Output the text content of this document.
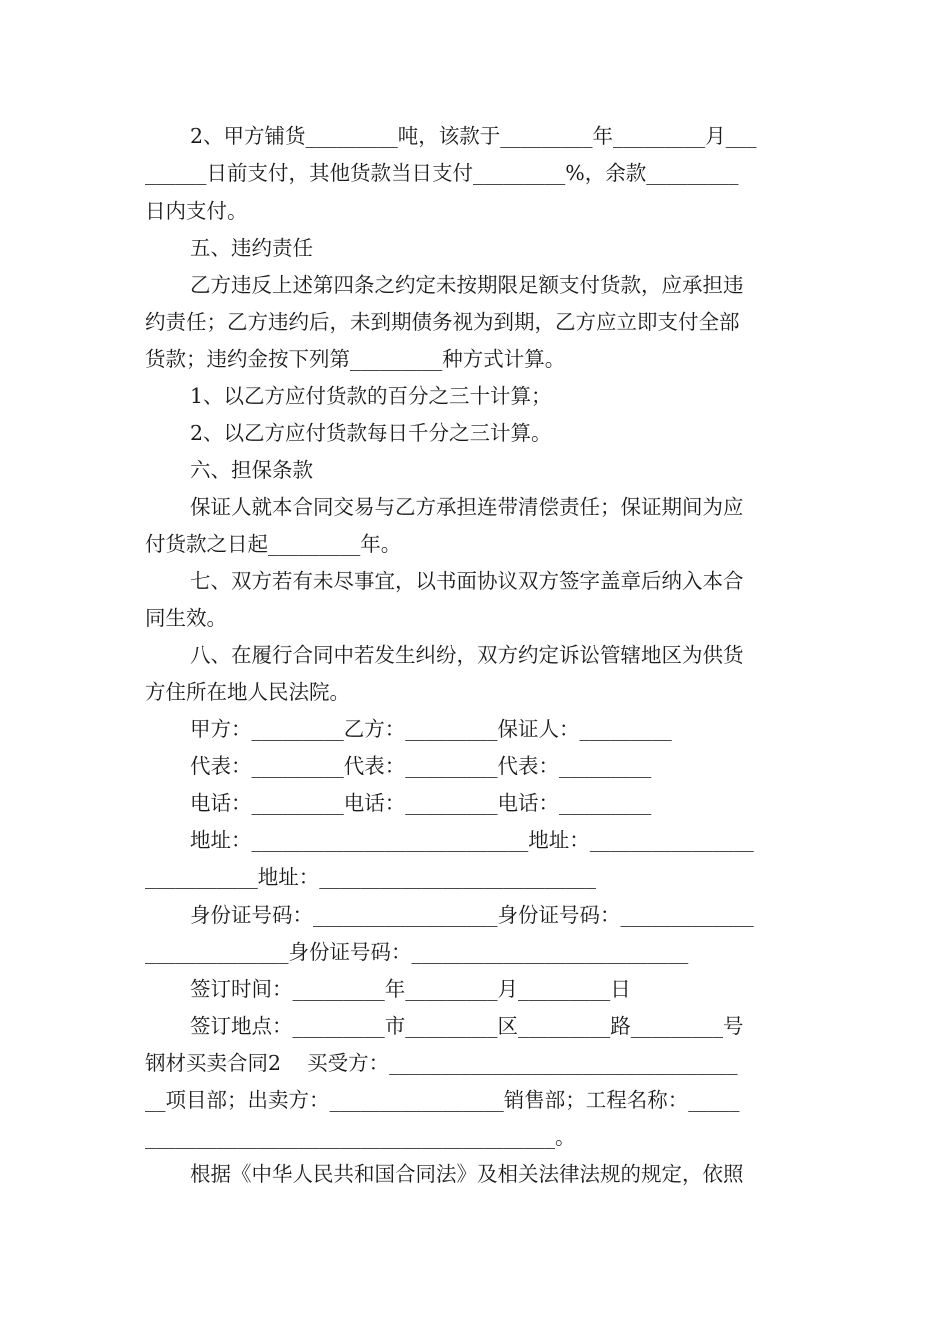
2、甲方铺货_________吨，该款于_________年_________月___

______日前支付，其他货款当日支付_________%，余款_________

日内支付。

五、违约责任

乙方违反上述第四条之约定未按期限足额支付货款，应承担违

约责任；乙方违约后，未到期债务视为到期，乙方应立即支付全部

货款；违约金按下列第_________种方式计算。

1、以乙方应付货款的百分之三十计算；

2、以乙方应付货款每日千分之三计算。

六、担保条款

保证人就本合同交易与乙方承担连带清偿责任；保证期间为应

付货款之日起_________年。

七、双方若有未尽事宜，以书面协议双方签字盖章后纳入本合

同生效。

八、在履行合同中若发生纠纷，双方约定诉讼管辖地区为供货

方住所在地人民法院。

甲方：_________乙方：_________保证人：_________

代表：_________代表：_________代表：_________

电话：_________电话：_________电话：_________

地址：___________________________地址：________________

___________地址：___________________________

身份证号码：__________________身份证号码：_____________

______________身份证号码：___________________________

签订时间：_________年_________月_________日

签订地点：_________市_________区_________路_________号

钢材买卖合同2    买受方：__________________________________

__项目部；出卖方：_________________销售部；工程名称：_____

________________________________________。

根据《中华人民共和国合同法》及相关法律法规的规定，依照
